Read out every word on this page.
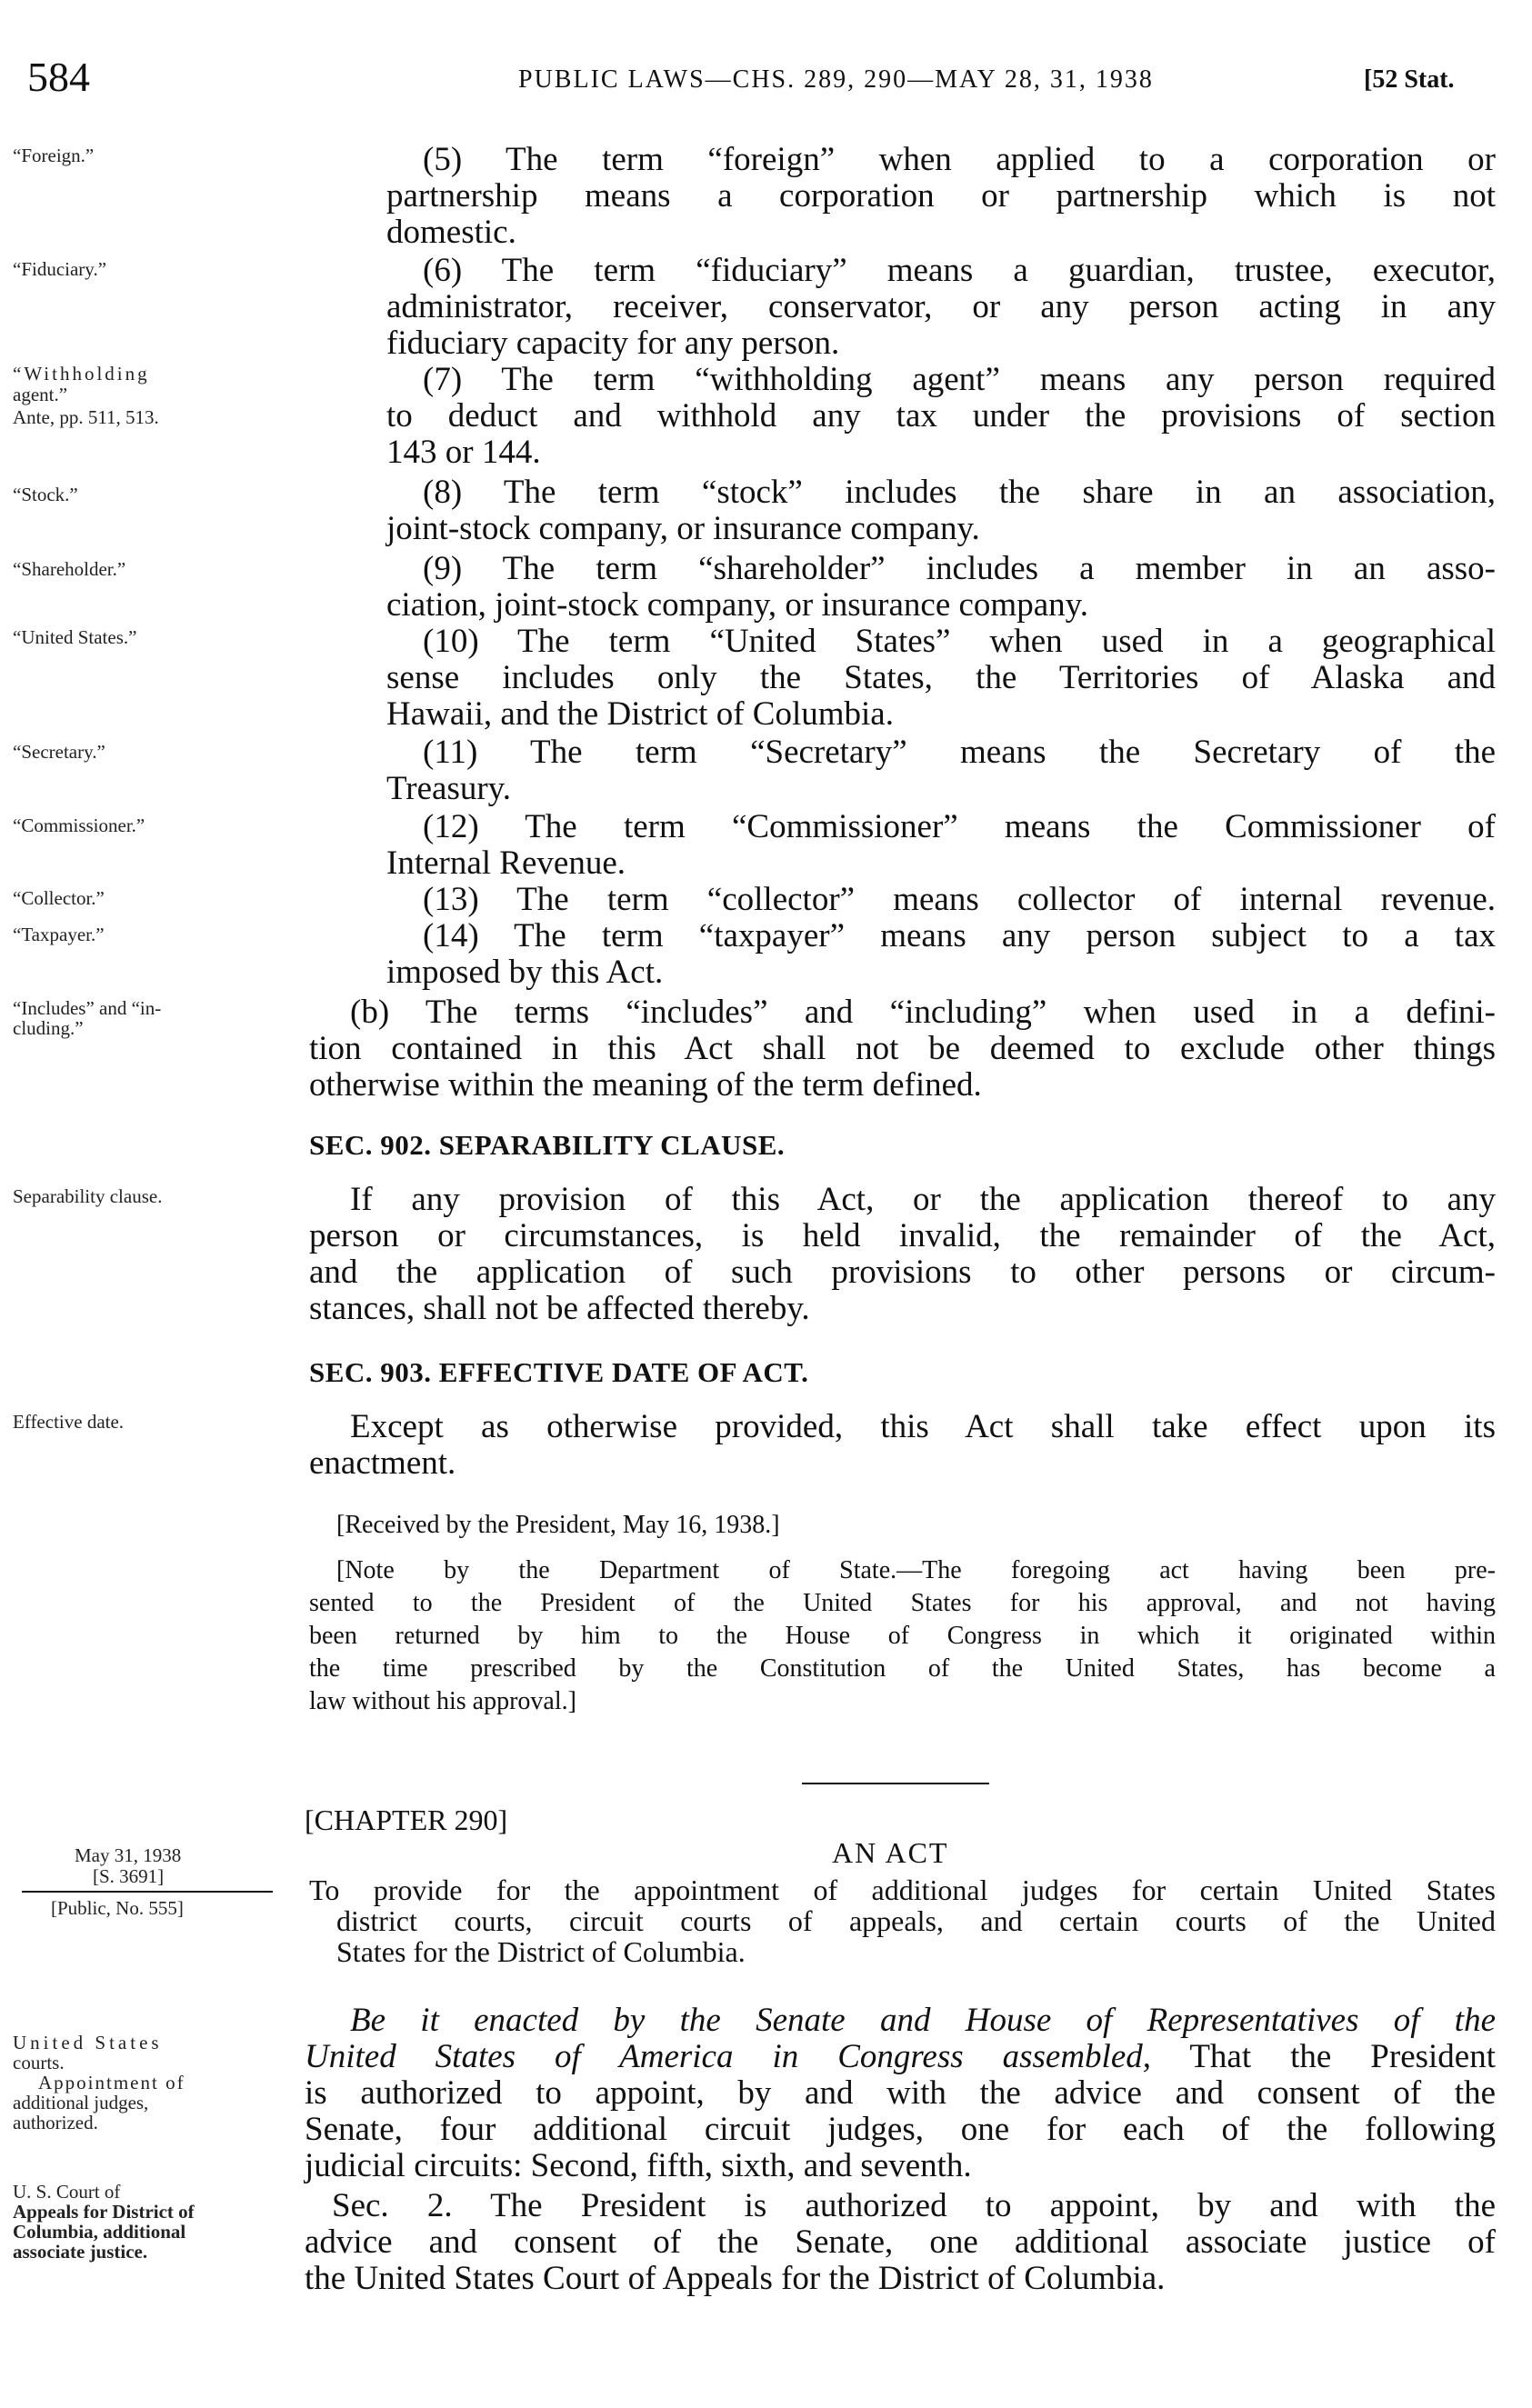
584	PUBLIC LAWS—CHS. 289, 290—MAY 28, 31, 1938	[52 Stat.
“Foreign.”
“Fiduciary.”
“Withholding
agent.”
Ante, pp. 511, 513.
“Stock.”
“Shareholder.”
“United States.”
“Secretary.”
“Commissioner.”
“Collector.”
“Taxpayer.”
“Includes” and “in-
cluding.”
Separability clause.
Effective date.
May 31, 1938
[S. 3691]
[Public, No. 555]
United States
courts.
Appointment of
additional judges,
authorized.
U. S. Court of
Appeals for District of
Columbia, additional
associate justice.
(5) The term “foreign” when applied to a corporation or
partnership means a corporation or partnership which is not
domestic.
(6) The term “fiduciary” means a guardian, trustee, executor,
administrator, receiver, conservator, or any person acting in any
fiduciary capacity for any person.
(7) The term “withholding agent” means any person required
to deduct and withhold any tax under the provisions of section
143 or 144.
(8) The term “stock” includes the share in an association,
joint-stock company, or insurance company.
(9) The term “shareholder” includes a member in an asso-
ciation, joint-stock company, or insurance company.
(10) The term “United States” when used in a geographical
sense includes only the States, the Territories of Alaska and
Hawaii, and the District of Columbia.
(11) The term “Secretary” means the Secretary of the
Treasury.
(12) The term “Commissioner” means the Commissioner of
Internal Revenue.
(13) The term “collector” means collector of internal revenue.
(14) The term “taxpayer” means any person subject to a tax
imposed by this Act.
(b) The terms “includes” and “including” when used in a defini-
tion contained in this Act shall not be deemed to exclude other things
otherwise within the meaning of the term defined.
SEC. 902. SEPARABILITY CLAUSE.
If any provision of this Act, or the application thereof to any
person or circumstances, is held invalid, the remainder of the Act,
and the application of such provisions to other persons or circum-
stances, shall not be affected thereby.
SEC. 903. EFFECTIVE DATE OF ACT.
Except as otherwise provided, this Act shall take effect upon its
enactment.
[Received by the President, May 16, 1938.]
[Note by the Department of State.—The foregoing act having been pre-
sented to the President of the United States for his approval, and not having
been returned by him to the House of Congress in which it originated within
the time prescribed by the Constitution of the United States, has become a
law without his approval.]
[CHAPTER 290]
AN ACT
To provide for the appointment of additional judges for certain United States
district courts, circuit courts of appeals, and certain courts of the United
States for the District of Columbia.
Be it enacted by the Senate and House of Representatives of the
United States of America in Congress assembled, That the President
is authorized to appoint, by and with the advice and consent of the
Senate, four additional circuit judges, one for each of the following
judicial circuits: Second, fifth, sixth, and seventh.
Sec. 2. The President is authorized to appoint, by and with the
advice and consent of the Senate, one additional associate justice of
the United States Court of Appeals for the District of Columbia.
